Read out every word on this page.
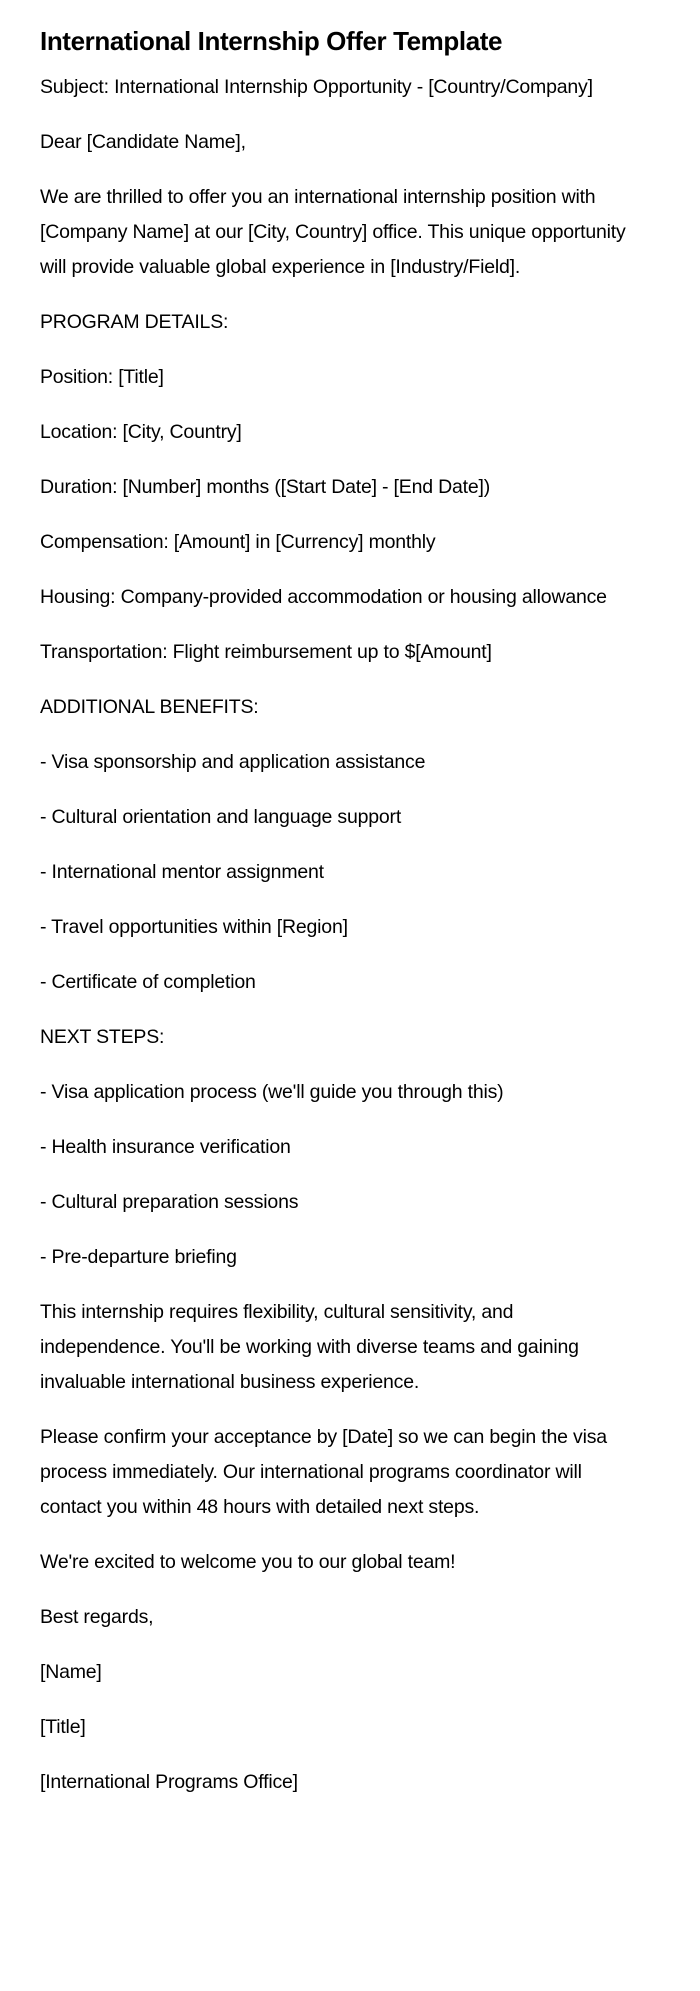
International Internship Offer Template

Subject: International Internship Opportunity - [Country/Company]

Dear [Candidate Name],

We are thrilled to offer you an international internship position with [Company Name] at our [City, Country] office. This unique opportunity will provide valuable global experience in [Industry/Field].

PROGRAM DETAILS:

Position: [Title]

Location: [City, Country]

Duration: [Number] months ([Start Date] - [End Date])

Compensation: [Amount] in [Currency] monthly

Housing: Company-provided accommodation or housing allowance

Transportation: Flight reimbursement up to $[Amount]

ADDITIONAL BENEFITS:

- Visa sponsorship and application assistance

- Cultural orientation and language support

- International mentor assignment

- Travel opportunities within [Region]

- Certificate of completion

NEXT STEPS:

- Visa application process (we'll guide you through this)

- Health insurance verification

- Cultural preparation sessions

- Pre-departure briefing

This internship requires flexibility, cultural sensitivity, and independence. You'll be working with diverse teams and gaining invaluable international business experience.

Please confirm your acceptance by [Date] so we can begin the visa process immediately. Our international programs coordinator will contact you within 48 hours with detailed next steps.

We're excited to welcome you to our global team!

Best regards,

[Name]

[Title]

[International Programs Office]
